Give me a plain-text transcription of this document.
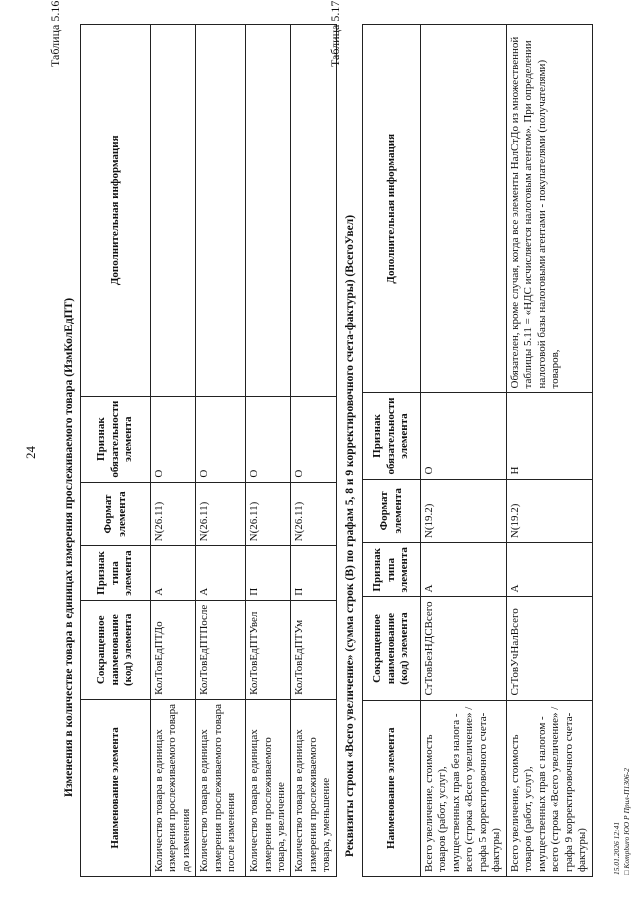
24
Таблица 5.16
Изменения в количестве товара в единицах измерения прослеживаемого товара (ИзмКолЕдПТ)	Наименование элемента	Сокращенное наименование (код) элемента	Признак типа элемента	Формат элемента	Признак обязательности элемента	Дополнительная информация
Количество товара в единицах измерения прослеживаемого товара до изменения	КолТовЕдПТДо	А	N(26.11)	О	
Количество товара в единицах измерения прослеживаемого товара после изменения	КолТовЕдПТПосле	А	N(26.11)	О	
Количество товара в единицах измерения прослеживаемого товара, увеличение	КолТовЕдПТУвел	П	N(26.11)	О	
Количество товара в единицах измерения прослеживаемого товара, уменьшение	КолТовЕдПТУм	П	N(26.11)	О	
Таблица 5.17
Реквизиты строки «Всего увеличение» (сумма строк (В) по графам 5, 8 и 9 корректировочного счета-фактуры) (ВсегоУвел)	Наименование элемента	Сокращенное наименование (код) элемента	Признак типа элемента	Формат элемента	Признак обязательности элемента	Дополнительная информация
Всего увеличение, стоимость товаров (работ, услуг), имущественных прав без налога - всего (строка «Всего увеличение» /графа 5 корректировочного счета-фактуры)	СтТовБезНДСВсего	А	N(19.2)	О	
Всего увеличение, стоимость товаров (работ, услуг), имущественных прав с налогом - всего (строка «Всего увеличение» /графа 9 корректировочного счета-фактуры)	СтТовУчНалВсего	А	N(19.2)	Н	Обязателен, кроме случая, когда все элементы НалСтДо из множественной таблицы 5.11 = «НДС исчисляется налоговым агентом». При определении налоговой базы налоговыми агентами - покупателями (получателями) товаров,
15.01.2026 12:41 □ Kompburo ЮО Р Прил-П1306-2
